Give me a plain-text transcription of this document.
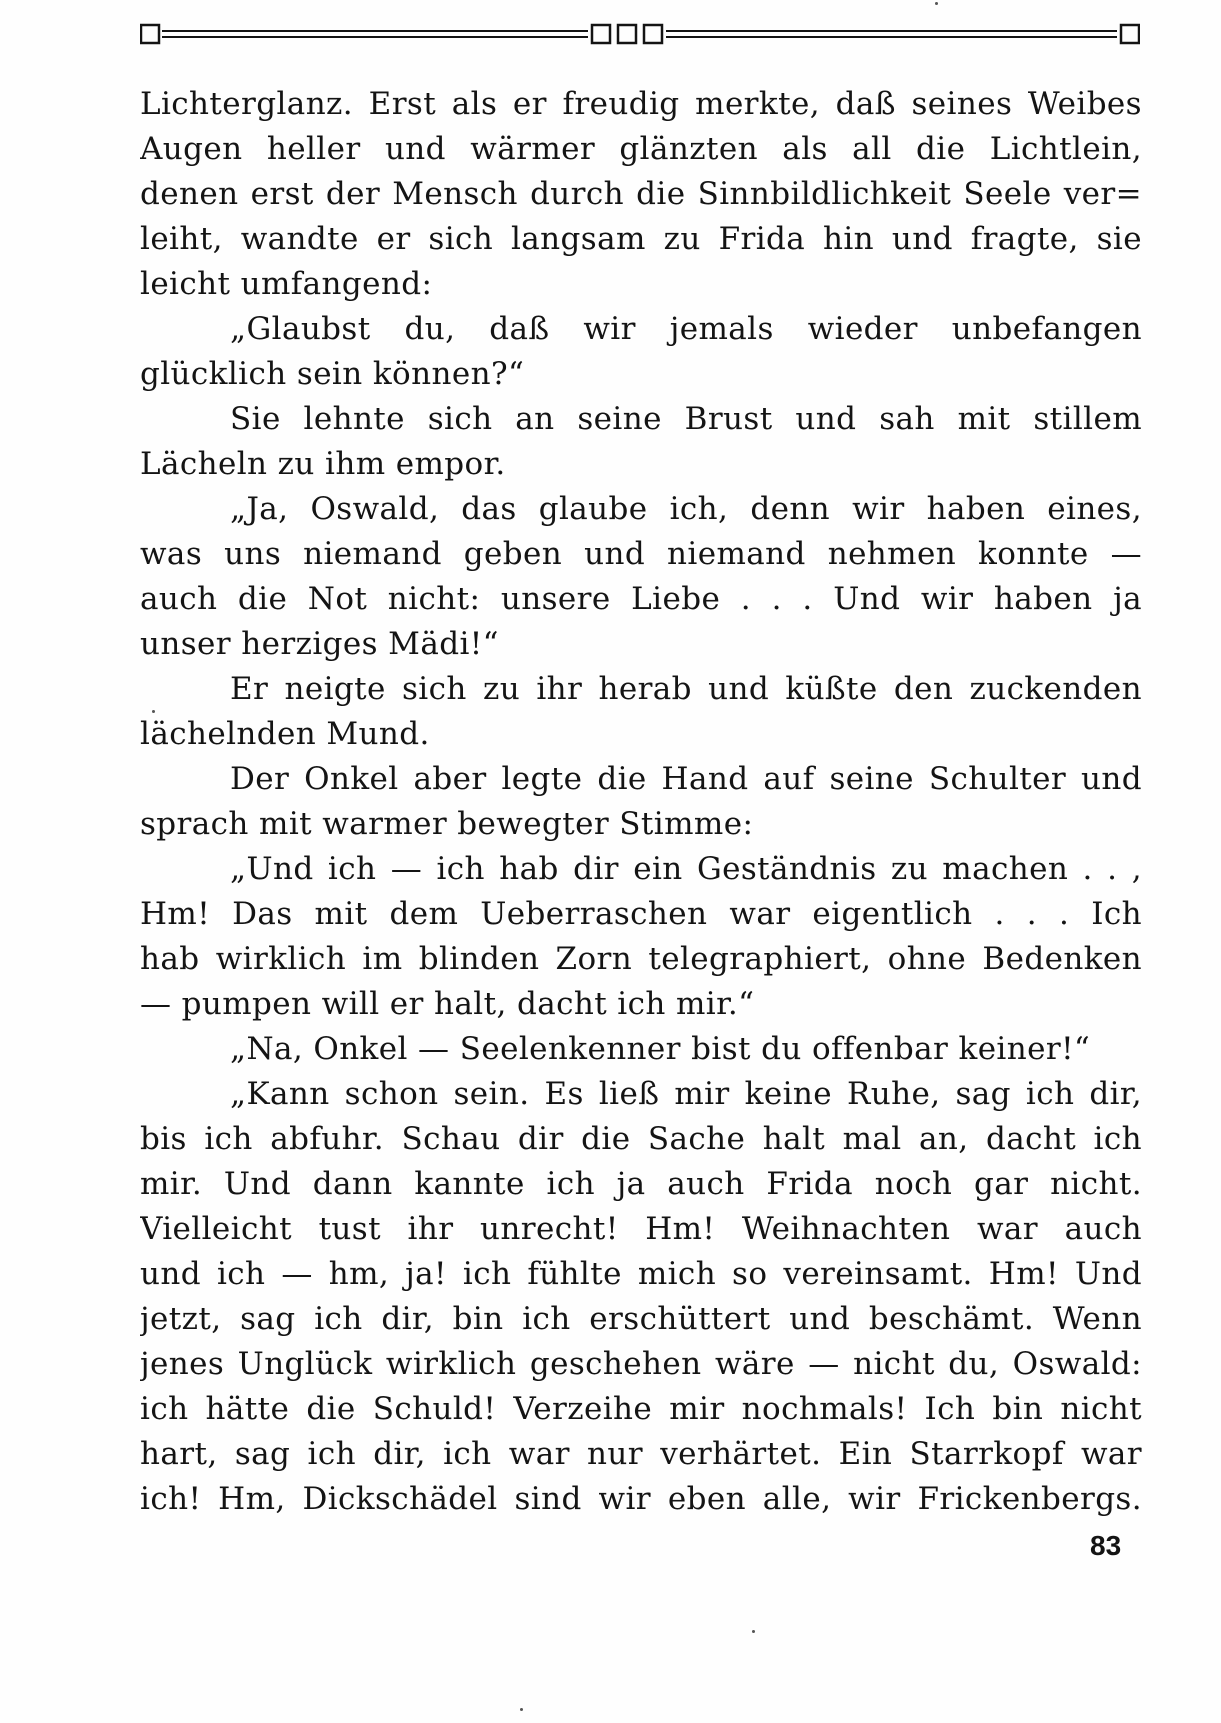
Lichterglanz. Erst als er freudig merkte, daß seines Weibes
Augen heller und wärmer glänzten als all die Lichtlein,
denen erst der Mensch durch die Sinnbildlichkeit Seele ver=
leiht, wandte er sich langsam zu Frida hin und fragte, sie
leicht umfangend:
„Glaubst du, daß wir jemals wieder unbefangen
glücklich sein können?“
Sie lehnte sich an seine Brust und sah mit stillem
Lächeln zu ihm empor.
„Ja, Oswald, das glaube ich, denn wir haben eines,
was uns niemand geben und niemand nehmen konnte —
auch die Not nicht: unsere Liebe . . . Und wir haben ja
unser herziges Mädi!“
Er neigte sich zu ihr herab und küßte den zuckenden
lächelnden Mund.
Der Onkel aber legte die Hand auf seine Schulter und
sprach mit warmer bewegter Stimme:
„Und ich — ich hab dir ein Geständnis zu machen . . ,
Hm! Das mit dem Ueberraschen war eigentlich . . . Ich
hab wirklich im blinden Zorn telegraphiert, ohne Bedenken
— pumpen will er halt, dacht ich mir.“
„Na, Onkel — Seelenkenner bist du offenbar keiner!“
„Kann schon sein. Es ließ mir keine Ruhe, sag ich dir,
bis ich abfuhr. Schau dir die Sache halt mal an, dacht ich
mir. Und dann kannte ich ja auch Frida noch gar nicht.
Vielleicht tust ihr unrecht! Hm! Weihnachten war auch
und ich — hm, ja! ich fühlte mich so vereinsamt. Hm! Und
jetzt, sag ich dir, bin ich erschüttert und beschämt. Wenn
jenes Unglück wirklich geschehen wäre — nicht du, Oswald:
ich hätte die Schuld! Verzeihe mir nochmals! Ich bin nicht
hart, sag ich dir, ich war nur verhärtet. Ein Starrkopf war
ich! Hm, Dickschädel sind wir eben alle, wir Frickenbergs.
83
